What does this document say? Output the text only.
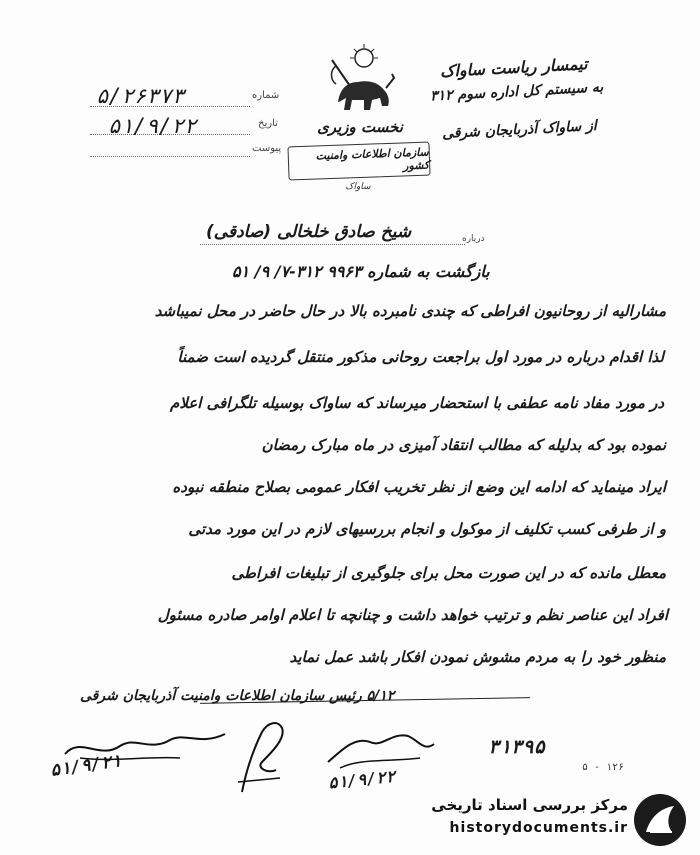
نخست وزیری
سازمان اطلاعات وامنیت کشور
ساواک
شماره
تاریخ
پیوست
۵/۲۶۳۷۳
۵۱/۹/۲۲
تیمسار ریاست ساواک
به سیستم کل اداره سوم ۳۱۲
از ساواک آذربایجان شرقی
درباره
شیخ صادق خلخالی (صادقی)
بازگشت به شماره ۹۹۶۳ ۳۱۲-۷/ ۹/ ۵۱
مشارالیه از روحانیون افراطی که چندی نامبرده بالا در حال حاضر در محل نمیباشد
لذا اقدام درباره در مورد اول براجعت روحانی مذکور منتقل گردیده است ضمناً
در مورد مفاد نامه عطفی با استحضار میرساند که ساواک بوسیله تلگرافی اعلام
نموده بود که بدلیله که مطالب انتقاد آمیزی در ماه مبارک رمضان
ایراد مینماید که ادامه این وضع از نظر تخریب افکار عمومی بصلاح منطقه نبوده
و از طرفی کسب تکلیف از موکول و انجام بررسیهای لازم در این مورد مدتی
معطل مانده که در این صورت محل برای جلوگیری از تبلیغات افراطی
افراد این عناصر نظم و ترتیب خواهد داشت و چنانچه تا اعلام اوامر صادره مسئول
منظور خود را به مردم مشوش نمودن افکار باشد عمل نماید
۵/۱۲ رئیس سازمان اطلاعات وامنیت آذربایجان شرقی
۳۱۳۹۵
۵۱/۹/۲۱	۵۱/۹/۲۲	۵ - ۱۲۶
مرکز بررسی اسناد تاریخی
historydocuments.ir
